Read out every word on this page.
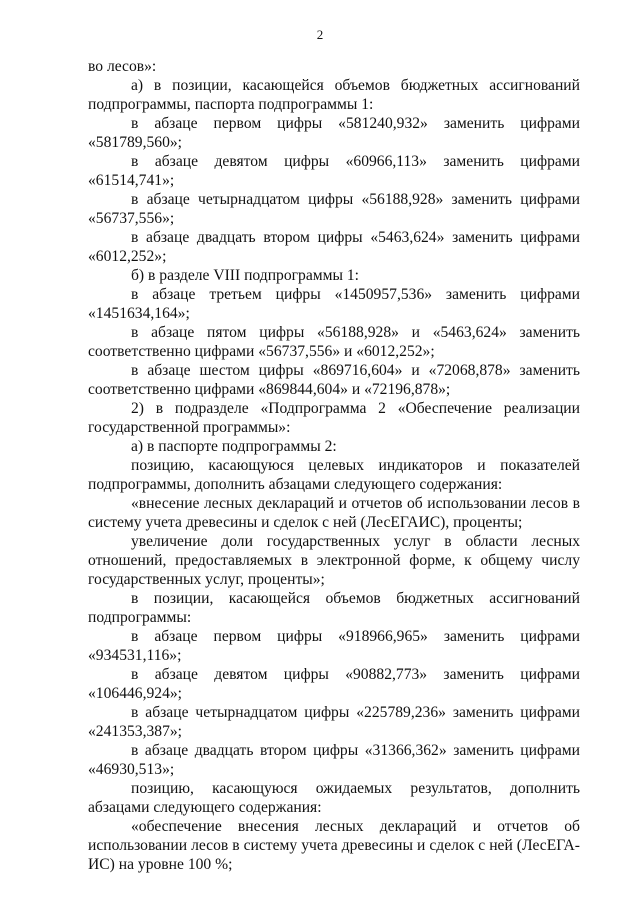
2

во лесов»:

а) в позиции, касающейся объемов бюджетных ассигнований подпрограммы, паспорта подпрограммы 1:

в абзаце первом цифры «581240,932» заменить цифрами «581789,560»;

в абзаце девятом цифры «60966,113» заменить цифрами «61514,741»;

в абзаце четырнадцатом цифры «56188,928» заменить цифрами «56737,556»;

в абзаце двадцать втором цифры «5463,624» заменить цифрами «6012,252»;

б) в разделе VIII подпрограммы 1:

в абзаце третьем цифры «1450957,536» заменить цифрами «1451634,164»;

в абзаце пятом цифры «56188,928» и «5463,624» заменить соответственно цифрами «56737,556» и «6012,252»;

в абзаце шестом цифры «869716,604» и «72068,878» заменить соответственно цифрами «869844,604» и «72196,878»;

2) в подразделе «Подпрограмма 2 «Обеспечение реализации государственной программы»:

а) в паспорте подпрограммы 2:

позицию, касающуюся целевых индикаторов и показателей подпрограммы, дополнить абзацами следующего содержания:

«внесение лесных деклараций и отчетов об использовании лесов в систему учета древесины и сделок с ней (ЛесЕГАИС), проценты;

увеличение доли государственных услуг в области лесных отношений, предоставляемых в электронной форме, к общему числу государственных услуг, проценты»;

в позиции, касающейся объемов бюджетных ассигнований подпрограммы:

в абзаце первом цифры «918966,965» заменить цифрами «934531,116»;

в абзаце девятом цифры «90882,773» заменить цифрами «106446,924»;

в абзаце четырнадцатом цифры «225789,236» заменить цифрами «241353,387»;

в абзаце двадцать втором цифры «31366,362» заменить цифрами «46930,513»;

позицию, касающуюся ожидаемых результатов, дополнить абзацами следующего содержания:

«обеспечение внесения лесных деклараций и отчетов об использовании лесов в систему учета древесины и сделок с ней (ЛесЕГА-ИС) на уровне 100 %;
